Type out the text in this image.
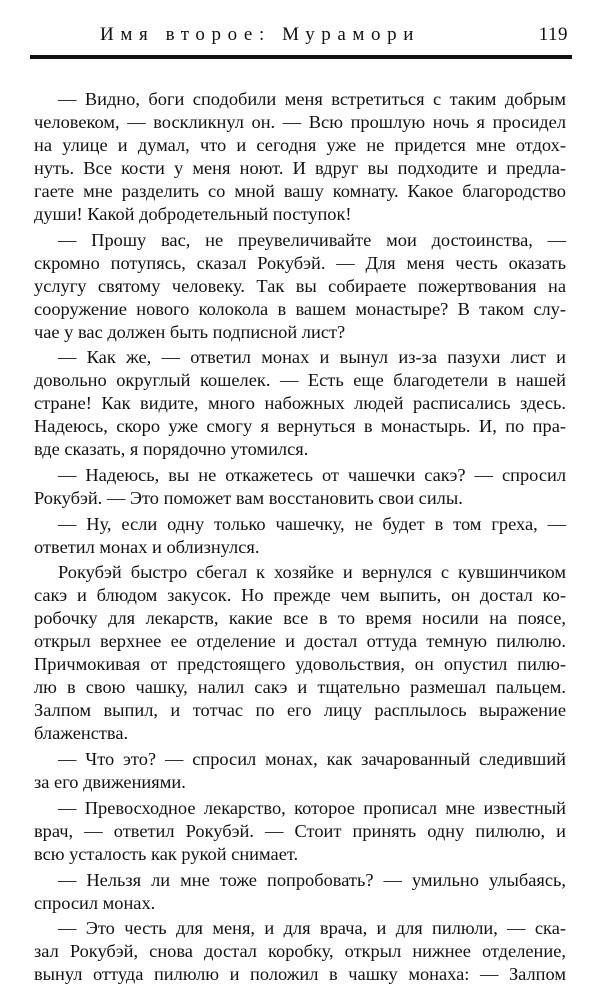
Имя второе: Мурамори	119
— Видно, боги сподобили меня встретиться с таким добрым
человеком, — воскликнул он. — Всю прошлую ночь я просидел
на улице и думал, что и сегодня уже не придется мне отдох-
нуть. Все кости у меня ноют. И вдруг вы подходите и предла-
гаете мне разделить со мной вашу комнату. Какое благородство
души! Какой добродетельный поступок!
— Прошу вас, не преувеличивайте мои достоинства, —
скромно потупясь, сказал Рокубэй. — Для меня честь оказать
услугу святому человеку. Так вы собираете пожертвования на
сооружение нового колокола в вашем монастыре? В таком слу-
чае у вас должен быть подписной лист?
— Как же, — ответил монах и вынул из-за пазухи лист и
довольно округлый кошелек. — Есть еще благодетели в нашей
стране! Как видите, много набожных людей расписались здесь.
Надеюсь, скоро уже смогу я вернуться в монастырь. И, по пра-
вде сказать, я порядочно утомился.
— Надеюсь, вы не откажетесь от чашечки сакэ? — спросил
Рокубэй. — Это поможет вам восстановить свои силы.
— Ну, если одну только чашечку, не будет в том греха, —
ответил монах и облизнулся.
Рокубэй быстро сбегал к хозяйке и вернулся с кувшинчиком
сакэ и блюдом закусок. Но прежде чем выпить, он достал ко-
робочку для лекарств, какие все в то время носили на поясе,
открыл верхнее ее отделение и достал оттуда темную пилюлю.
Причмокивая от предстоящего удовольствия, он опустил пилю-
лю в свою чашку, налил сакэ и тщательно размешал пальцем.
Залпом выпил, и тотчас по его лицу расплылось выражение
блаженства.
— Что это? — спросил монах, как зачарованный следивший
за его движениями.
— Превосходное лекарство, которое прописал мне известный
врач, — ответил Рокубэй. — Стоит принять одну пилюлю, и
всю усталость как рукой снимает.
— Нельзя ли мне тоже попробовать? — умильно улыбаясь,
спросил монах.
— Это честь для меня, и для врача, и для пилюли, — ска-
зал Рокубэй, снова достал коробку, открыл нижнее отделение,
вынул оттуда пилюлю и положил в чашку монаха: — Залпом
